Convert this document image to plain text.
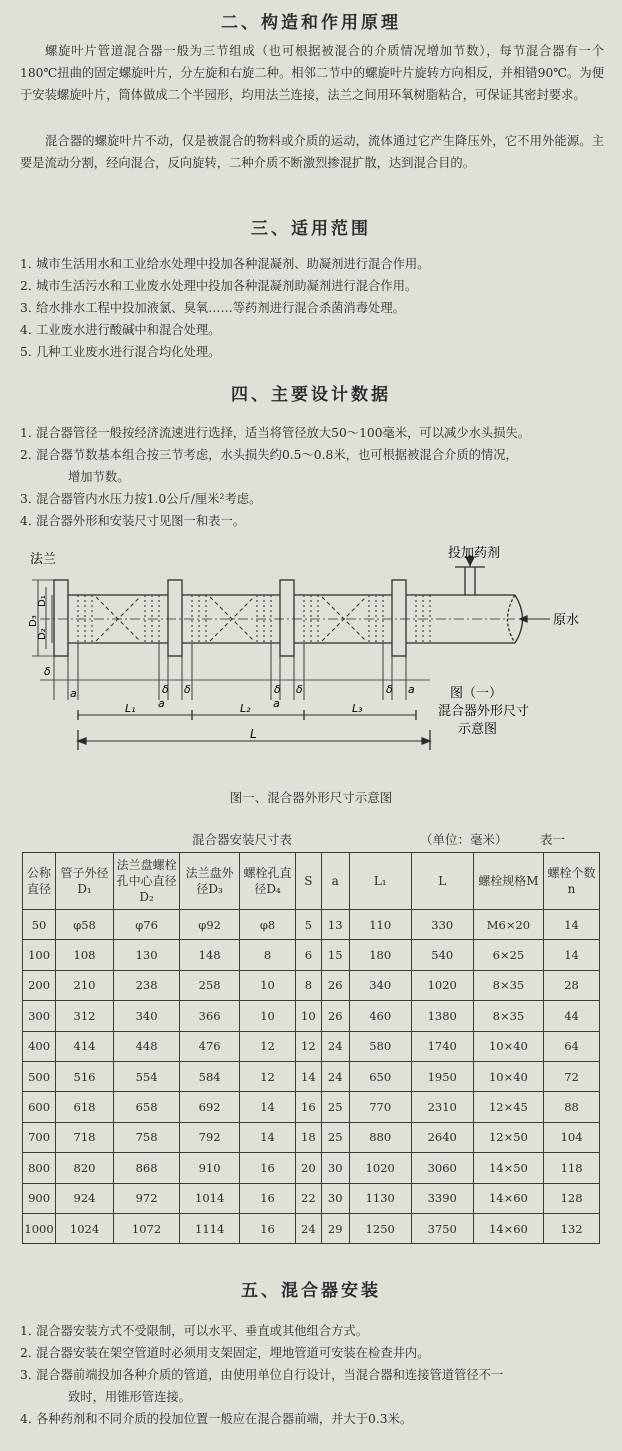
二、构造和作用原理

螺旋叶片管道混合器一般为三节组成（也可根据被混合的介质情况增加节数），每节混合器有一个180℃扭曲的固定螺旋叶片，分左旋和右旋二种。相邻二节中的螺旋叶片旋转方向相反，并相错90℃。为便于安装螺旋叶片，筒体做成二个半园形，均用法兰连接，法兰之间用环氧树脂粘合，可保证其密封要求。

混合器的螺旋叶片不动，仅是被混合的物料或介质的运动，流体通过它产生降压外，它不用外能源。主要是流动分割，经向混合，反向旋转，二种介质不断激烈掺混扩散，达到混合目的。

三、适用范围
1．
城市生活用水和工业给水处理中投加各种混凝剂、助凝剂进行混合作用。
2．
城市生活污水和工业废水处理中投加各种混凝剂助凝剂进行混合作用。
3．
给水排水工程中投加液氯、臭氧……等药剂进行混合杀菌消毒处理。
4．
工业废水进行酸碱中和混合处理。
5．
几种工业废水进行混合均化处理。
四、主要设计数据
1．
混合器管径一般按经济流速进行选择，适当将管径放大50～100毫米，可以减少水头损失。
2．
混合器节数基本组合按三节考虑，水头损失约0.5～0.8米，也可根据被混合介质的情况，
增加节数。
3．
混合器管内水压力按1.0公斤/厘米²考虑。
4．
混合器外形和安装尺寸见图一和表一。
法兰
D₃
D₁
D₂
投加药剂
原水
δ
a	δ δ
a
δ δ
a
δ a
L₁	L₂	L₃
L
图（一）
混合器外形尺寸
示意图

图一、混合器外形尺寸示意图

混合器安装尺寸表	（单位：毫米）	表一
公称直径	管子外径D₁	法兰盘螺栓孔中心直径D₂	法兰盘外径D₃	螺栓孔直径D₄	S	a	L₁	L	螺栓规格M	螺栓个数n
50	φ58	φ76	φ92	φ8	5	13	110	330	M6×20	14
100	108	130	148	8	6	15	180	540	6×25	14
200	210	238	258	10	8	26	340	1020	8×35	28
300	312	340	366	10	10	26	460	1380	8×35	44
400	414	448	476	12	12	24	580	1740	10×40	64
500	516	554	584	12	14	24	650	1950	10×40	72
600	618	658	692	14	16	25	770	2310	12×45	88
700	718	758	792	14	18	25	880	2640	12×50	104
800	820	868	910	16	20	30	1020	3060	14×50	118
900	924	972	1014	16	22	30	1130	3390	14×60	128
1000	1024	1072	1114	16	24	29	1250	3750	14×60	132
五、混合器安装
1．
混合器安装方式不受限制，可以水平、垂直或其他组合方式。
2．
混合器安装在架空管道时必须用支架固定，埋地管道可安装在检查井内。
3．
混合器前端投加各种介质的管道，由使用单位自行设计，当混合器和连接管道管径不一
致时，用锥形管连接。
4．
各种药剂和不同介质的投加位置一般应在混合器前端，并大于0.3米。
